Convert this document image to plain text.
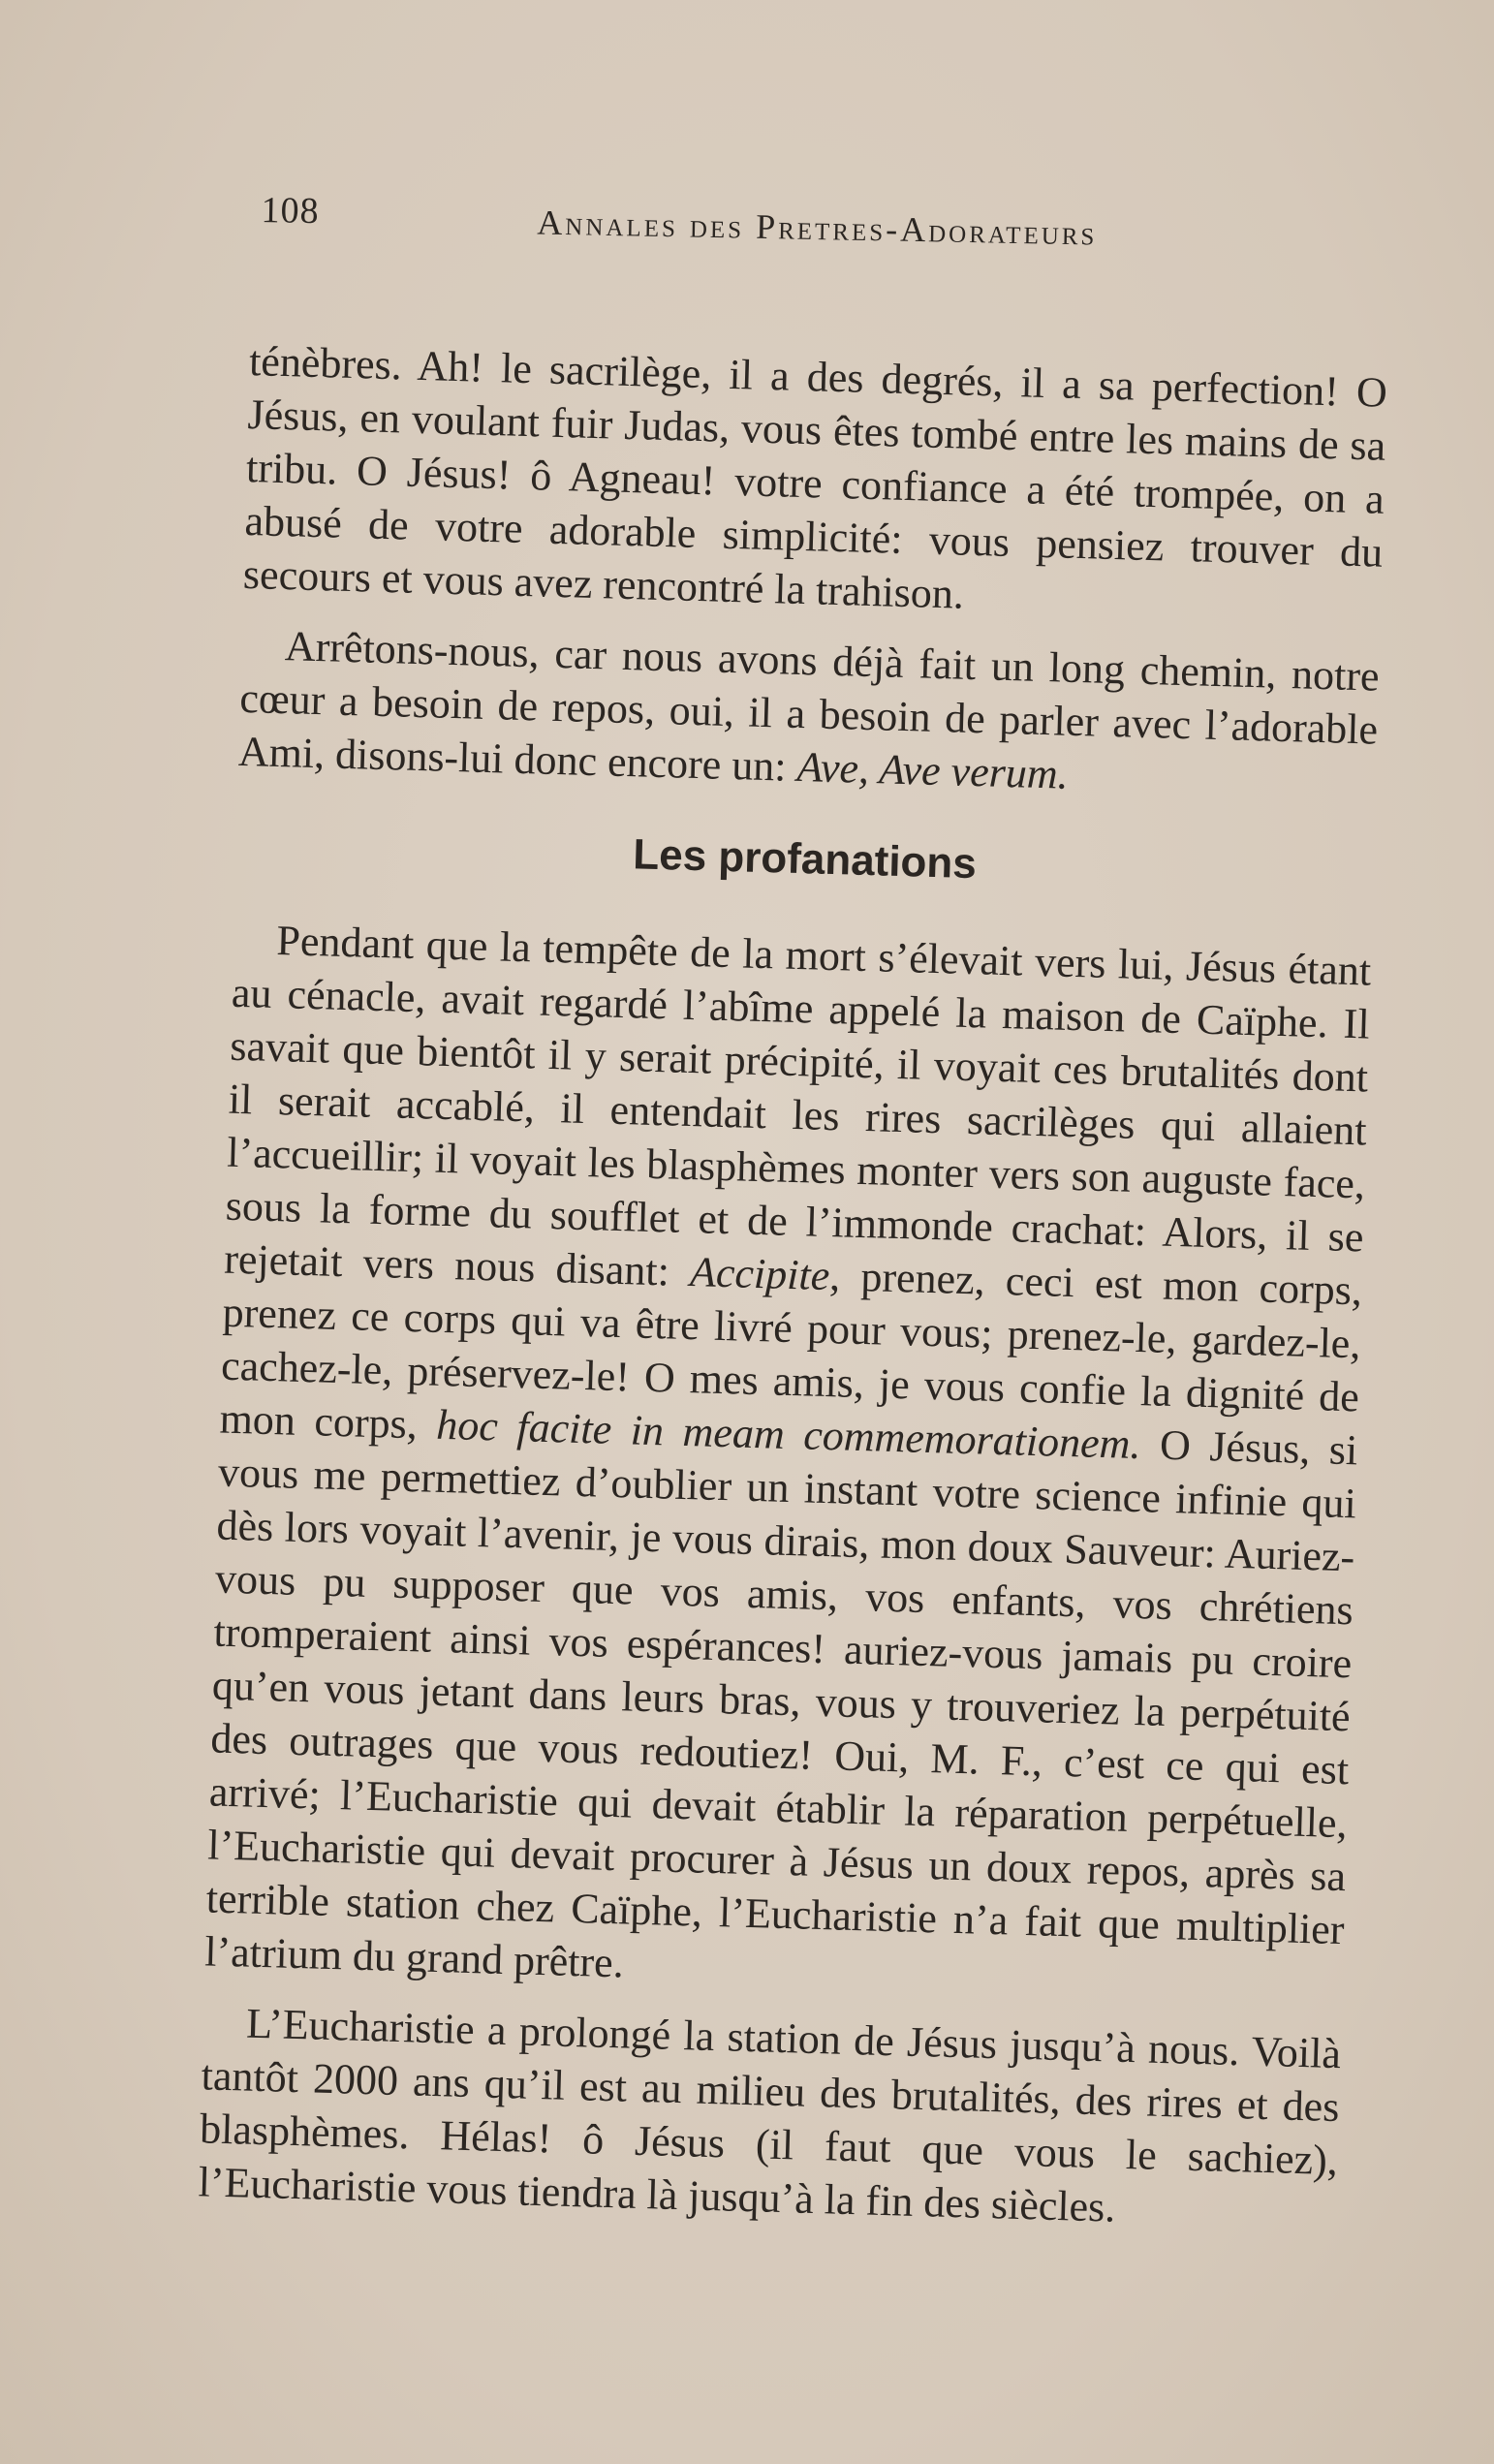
108	Annales des Pretres-Adorateurs

ténèbres. Ah! le sacrilège, il a des degrés, il a sa perfection! O Jésus, en voulant fuir Judas, vous êtes tombé entre les mains de sa tribu. O Jésus! ô Agneau! votre confiance a été trompée, on a abusé de votre adorable simplicité: vous pensiez trouver du secours et vous avez rencontré la trahison.

Arrêtons-nous, car nous avons déjà fait un long chemin, notre cœur a besoin de repos, oui, il a besoin de parler avec l’adorable Ami, disons-lui donc encore un: Ave, Ave verum.

Les profanations

Pendant que la tempête de la mort s’élevait vers lui, Jésus étant au cénacle, avait regardé l’abîme appelé la maison de Caïphe. Il savait que bientôt il y serait précipité, il voyait ces brutalités dont il serait accablé, il entendait les rires sacrilèges qui allaient l’accueillir; il voyait les blasphèmes monter vers son auguste face, sous la forme du soufflet et de l’immonde crachat: Alors, il se rejetait vers nous disant: Accipite, prenez, ceci est mon corps, prenez ce corps qui va être livré pour vous; prenez-le, gardez-le, cachez-le, préservez-le! O mes amis, je vous confie la dignité de mon corps, hoc facite in meam commemorationem. O Jésus, si vous me permettiez d’oublier un instant votre science infinie qui dès lors voyait l’avenir, je vous dirais, mon doux Sauveur: Auriez-vous pu supposer que vos amis, vos enfants, vos chrétiens tromperaient ainsi vos espérances! auriez-vous jamais pu croire qu’en vous jetant dans leurs bras, vous y trouveriez la perpétuité des outrages que vous redoutiez! Oui, M. F., c’est ce qui est arrivé; l’Eucharistie qui devait établir la réparation perpétuelle, l’Eucharistie qui devait procurer à Jésus un doux repos, après sa terrible station chez Caïphe, l’Eucharistie n’a fait que multiplier l’atrium du grand prêtre.

L’Eucharistie a prolongé la station de Jésus jusqu’à nous. Voilà tantôt 2000 ans qu’il est au milieu des brutalités, des rires et des blasphèmes. Hélas! ô Jésus (il faut que vous le sachiez), l’Eucharistie vous tiendra là jusqu’à la fin des siècles.
